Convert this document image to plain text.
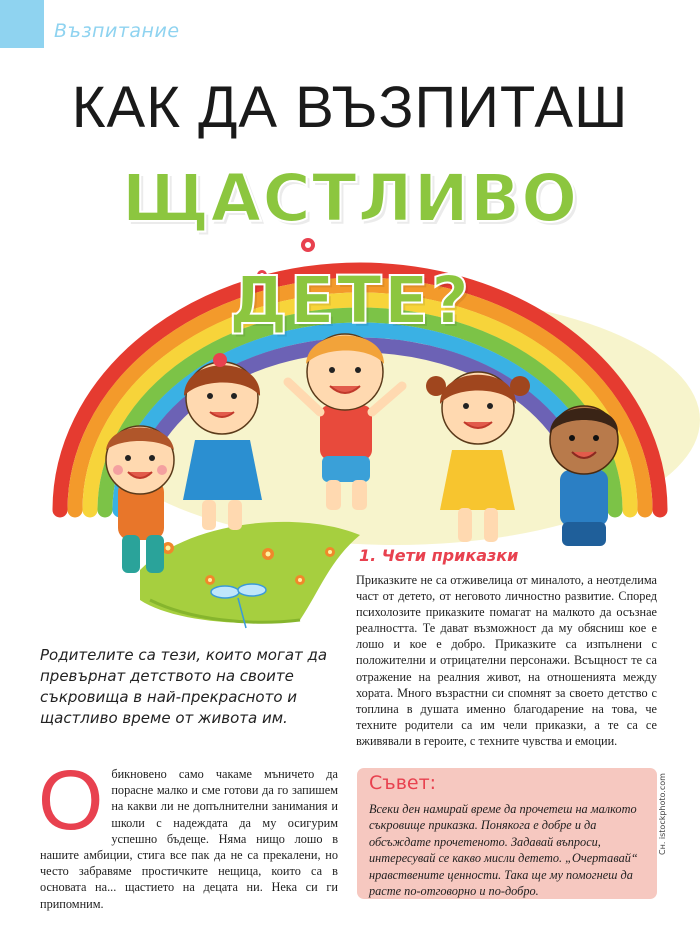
Възпитание
КАК ДА ВЪЗПИТАШ
ЩАСТЛИВО
ДЕТЕ?
Родителите са тези, които могат да превърнат детството на своите съкровища в най-прекрасното и щастливо време от живота им.
О бикновено само чакаме мъничето да порасне малко и сме готови да го запишем на какви ли не допълнителни занимания и школи с надеждата да му осигурим успешно бъдеще. Няма нищо лошо в нашите амбиции, стига все пак да не са прекалени, но често забравяме простичките нещица, които са в основата на... щастието на децата ни. Нека си ги припомним.
1. Чети приказки
Приказките не са отживелица от миналото, а неотделима част от детето, от неговото личностно развитие. Според психолозите приказките помагат на малкото да осъзнае реалността. Те дават възможност да му обясниш кое е лошо и кое е добро. Приказките са изпълнени с положителни и отрицателни персонажи. Всъщност те са отражение на реалния живот, на отношенията между хората. Много възрастни си спомнят за своето детство с топлина в душата именно благодарение на това, че техните родители са им чели приказки, а те са се вживявали в героите, с техните чувства и емоции.
Съвет:
Всеки ден намирай време да прочетеш на малкото съкровище приказка. Понякога е добре и да обсъждате прочетеното. Задавай въпроси, интересувай се какво мисли детето. „Очертавай“ нравствените ценности. Така ще му помогнеш да расте по-отговорно и по-добро.
Сн. istockphoto.com
